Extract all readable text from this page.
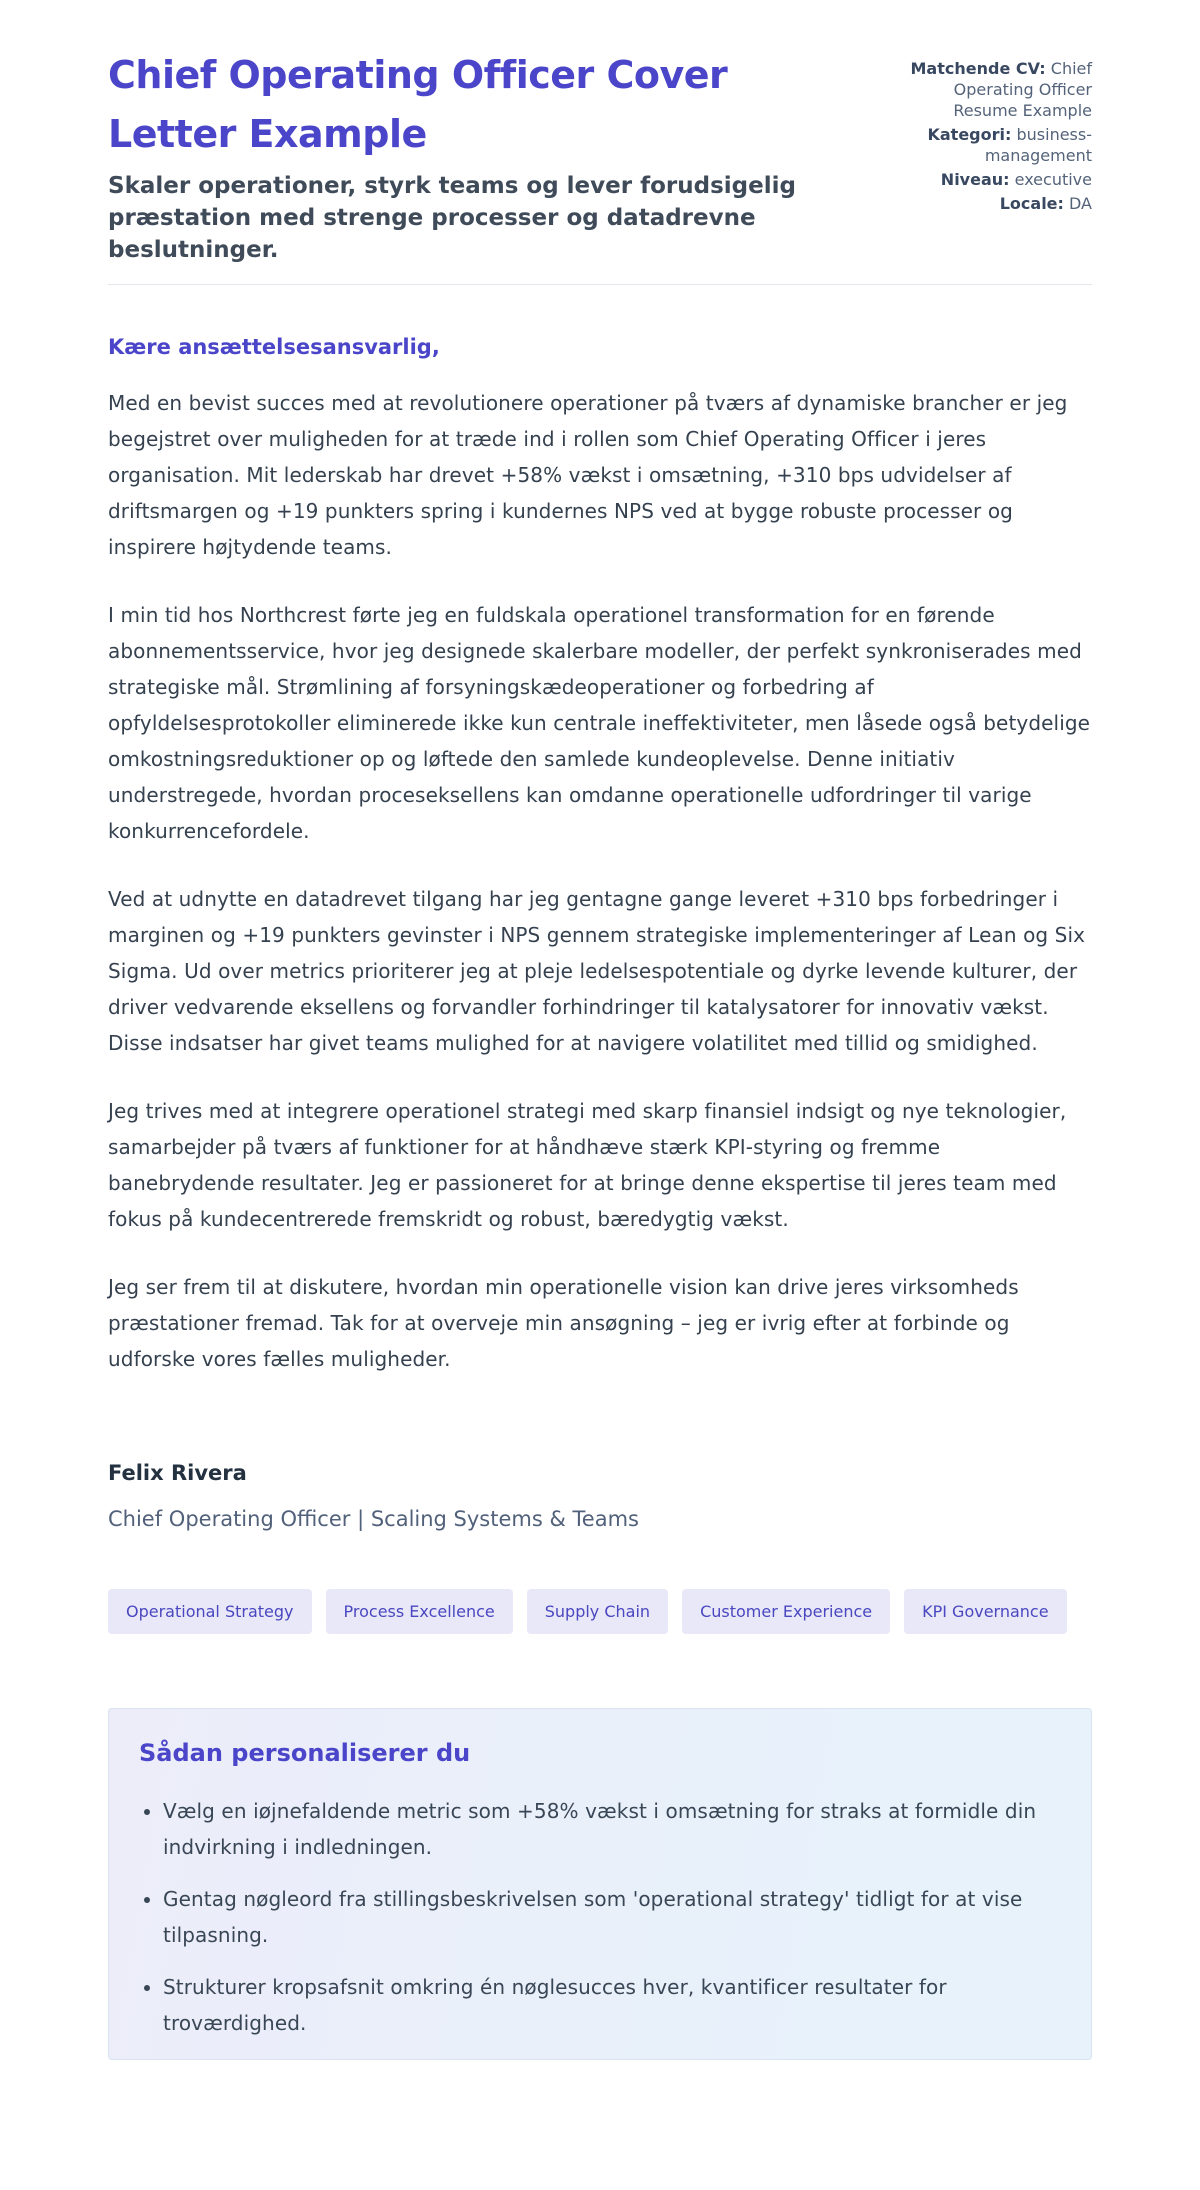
Chief Operating Officer Cover Letter Example

Skaler operationer, styrk teams og lever forudsigelig præstation med strenge processer og datadrevne beslutninger.

Matchende CV: Chief Operating Officer Resume Example
Kategori: business-management
Niveau: executive
Locale: DA

Kære ansættelsesansvarlig,

Med en bevist succes med at revolutionere operationer på tværs af dynamiske brancher er jeg begejstret over muligheden for at træde ind i rollen som Chief Operating Officer i jeres organisation. Mit lederskab har drevet +58% vækst i omsætning, +310 bps udvidelser af driftsmargen og +19 punkters spring i kundernes NPS ved at bygge robuste processer og inspirere højtydende teams.

I min tid hos Northcrest førte jeg en fuldskala operationel transformation for en førende abonnementsservice, hvor jeg designede skalerbare modeller, der perfekt synkroniserades med strategiske mål. Strømlining af forsyningskædeoperationer og forbedring af opfyldelsesprotokoller eliminerede ikke kun centrale ineffektiviteter, men låsede også betydelige omkostningsreduktioner op og løftede den samlede kundeoplevelse. Denne initiativ understregede, hvordan proceseksellens kan omdanne operationelle udfordringer til varige konkurrencefordele.

Ved at udnytte en datadrevet tilgang har jeg gentagne gange leveret +310 bps forbedringer i marginen og +19 punkters gevinster i NPS gennem strategiske implementeringer af Lean og Six Sigma. Ud over metrics prioriterer jeg at pleje ledelsespotentiale og dyrke levende kulturer, der driver vedvarende eksellens og forvandler forhindringer til katalysatorer for innovativ vækst. Disse indsatser har givet teams mulighed for at navigere volatilitet med tillid og smidighed.

Jeg trives med at integrere operationel strategi med skarp finansiel indsigt og nye teknologier, samarbejder på tværs af funktioner for at håndhæve stærk KPI-styring og fremme banebrydende resultater. Jeg er passioneret for at bringe denne ekspertise til jeres team med fokus på kundecentrerede fremskridt og robust, bæredygtig vækst.

Jeg ser frem til at diskutere, hvordan min operationelle vision kan drive jeres virksomheds præstationer fremad. Tak for at overveje min ansøgning – jeg er ivrig efter at forbinde og udforske vores fælles muligheder.

Felix Rivera
Chief Operating Officer | Scaling Systems & Teams
Operational Strategy	Process Excellence	Supply Chain	Customer Experience	KPI Governance
Sådan personaliserer du
• Vælg en iøjnefaldende metric som +58% vækst i omsætning for straks at formidle din indvirkning i indledningen.
• Gentag nøgleord fra stillingsbeskrivelsen som 'operational strategy' tidligt for at vise tilpasning.
• Strukturer kropsafsnit omkring én nøglesucces hver, kvantificer resultater for troværdighed.
